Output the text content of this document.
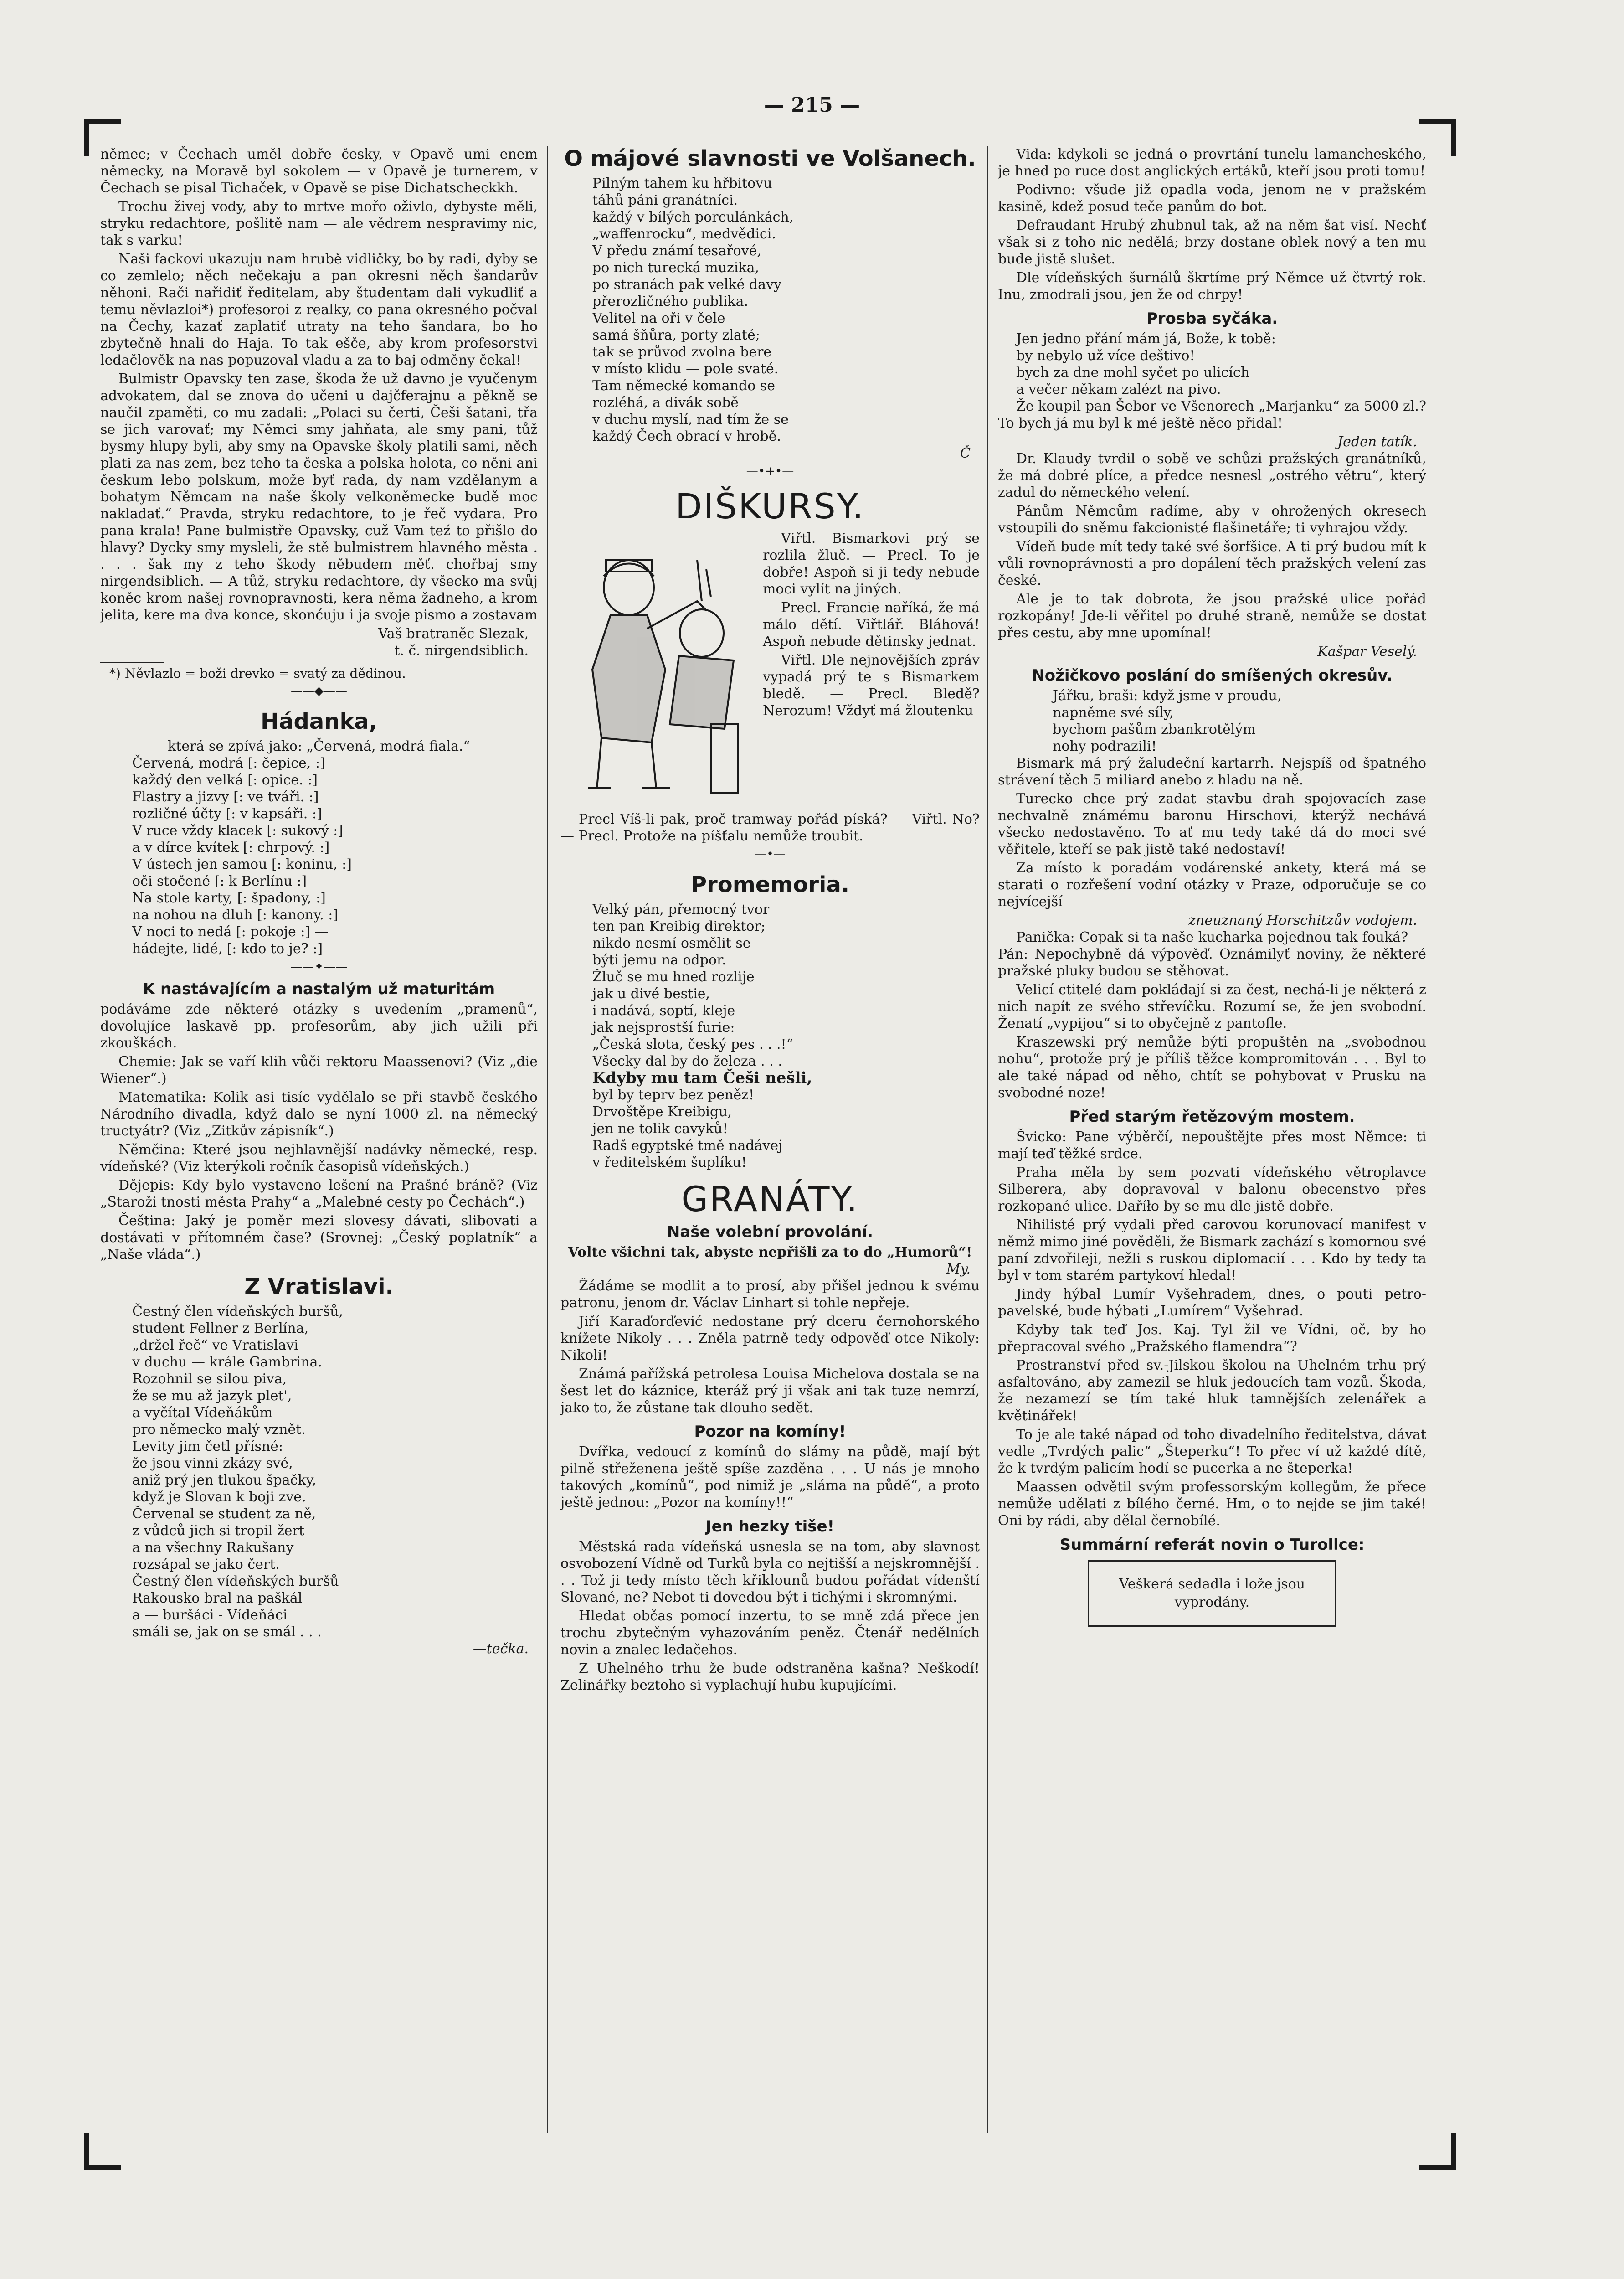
— 215 —

němec; v Čechach uměl dobře česky, v Opavě umi enem německy, na Moravě byl sokolem — v Opavě je turnerem, v Čechach se pisal Tichaček, v Opavě se pise Dichatscheckkh.

Trochu živej vody, aby to mrtve mořo oživlo, dybyste měli, stryku redachtore, pošlitě nam — ale vědrem nespravimy nic, tak s varku!

Naši fackovi ukazuju nam hrubě vidličky, bo by radi, dyby se co zemlelo; něch nečekaju a pan okresni něch šandarův něhoni. Rači nařidiť ředitelam, aby študentam dali vykudliť a temu něvlazloi*) profesoroi z realky, co pana okresného počval na Čechy, kazať zaplatiť utraty na teho šandara, bo ho zbytečně hnali do Haja. To tak ešče, aby krom profesorstvi ledačlověk na nas popuzoval vladu a za to baj odměny čekal!

Bulmistr Opavsky ten zase, škoda že už davno je vyučenym advokatem, dal se znova do učeni u dajčferajnu a pěkně se naučil zpaměti, co mu zadali: „Polaci su čerti, Češi šatani, třa se jich varovať; my Němci smy jahňata, ale smy pani, tůž bysmy hlupy byli, aby smy na Opavske školy platili sami, něch plati za nas zem, bez teho ta česka a polska holota, co něni ani českum lebo polskum, može byť rada, dy nam vzdělanym a bohatym Němcam na naše školy velkoněmecke budě moc nakladať.“ Pravda, stryku redachtore, to je řeč vydara. Pro pana krala! Pane bulmistře Opavsky, cuž Vam teź to přišlo do hlavy? Dycky smy mysleli, že stě bulmistrem hlavného města . . . . šak my z teho škody něbudem měť. chořbaj smy nirgendsiblich. — A tůž, stryku redachtore, dy všecko ma svůj koněc krom našej rovnopravnosti, kera něma žadneho, a krom jelita, kere ma dva konce, skonćuju i ja svoje pismo a zostavam

Vaš bratraněc Slezak,
t. č. nirgendsiblich.
*) Něvlazlo = boži drevko = svatý za dědinou.
——◆——
Hádanka,
která se zpívá jako: „Červená, modrá fiala.“
Červená, modrá [: čepice, :]
každý den velká [: opice. :]
Flastry a jizvy [: ve tváři. :]
rozličné účty [: v kapsáři. :]
V ruce vždy klacek [: sukový :]
a v dírce kvítek [: chrpový. :]
V ústech jen samou [: koninu, :]
oči stočené [: k Berlínu :]
Na stole karty, [: špadony, :]
na nohou na dluh [: kanony. :]
V noci to nedá [: pokoje :] —
hádejte, lidé, [: kdo to je? :]
——✦——
K nastávajícím a nastalým už maturitám

podáváme zde některé otázky s uvedením „pramenů“, dovolujíce laskavě pp. profesorům, aby jich užili při zkouškách.

Chemie: Jak se vaří klih vůči rektoru Maassenovi? (Viz „die Wiener“.)

Matematika: Kolik asi tisíc vydělalo se při stavbě českého Národního divadla, když dalo se nyní 1000 zl. na německý tructyátr? (Viz „Zitkův zápisník“.)

Němčina: Které jsou nejhlavnější nadávky německé, resp. vídeňské? (Viz kterýkoli ročník časopisů vídeňských.)

Dějepis: Kdy bylo vystaveno lešení na Prašné bráně? (Viz „Staroži tnosti města Prahy“ a „Malebné cesty po Čechách“.)

Čeština: Jaký je poměr mezi slovesy dávati, slibovati a dostávati v přítomném čase? (Srovnej: „Český poplatník“ a „Naše vláda“.)

Z Vratislavi.
Čestný člen vídeňských buršů,
student Fellner z Berlína,
„držel řeč“ ve Vratislavi
v duchu — krále Gambrina.
Rozohnil se silou piva,
že se mu až jazyk plet',
a vyčítal Vídeňákům
pro německo malý vznět.
Levity jim četl přísné:
že jsou vinni zkázy své,
aniž prý jen tlukou špačky,
když je Slovan k boji zve.
Červenal se student za ně,
z vůdců jich si tropil žert
a na všechny Rakušany
rozsápal se jako čert.
Čestný člen vídeňských buršů
Rakousko bral na paškál
a — buršáci - Vídeňáci
smáli se, jak on se smál . . .
—tečka.
O májové slavnosti ve Volšanech.
Pilným tahem ku hřbitovu
táhů páni granátníci.
každý v bílých porculánkách,
„waffenrocku“, medvědici.
V předu známí tesařové,
po nich turecká muzika,
po stranách pak velké davy
přerozličného publika.
Velitel na oři v čele
samá šňůra, porty zlaté;
tak se průvod zvolna bere
v místo klidu — pole svaté.
Tam německé komando se
rozléhá, a divák sobě
v duchu myslí, nad tím že se
každý Čech obrací v hrobě.
Č
—•+•—
DIŠKURSY.

Viřtl. Bismarkovi prý se rozlila žluč. — Precl. To je dobře! Aspoň si ji tedy nebude moci vylít na jiných.

Precl. Francie naříká, že má málo dětí. Viřtlář. Bláhová! Aspoň nebude dětinsky jednat.

Viřtl. Dle nejnovějších zpráv vypadá prý te s Bismarkem bledě. — Precl. Bledě? Nerozum! Vždyť má žloutenku

Precl Víš-li pak, proč tramway pořád píská? — Viřtl. No? — Precl. Protože na píšťalu nemůže troubit.

—•—
Promemoria.
Velký pán, přemocný tvor
ten pan Kreibig direktor;
nikdo nesmí osmělit se
býti jemu na odpor.
Žluč se mu hned rozlije
jak u divé bestie,
i nadává, soptí, kleje
jak nejsprostší furie:
„Česká slota, český pes . . .!“
Všecky dal by do železa . . .
Kdyby mu tam Češi nešli,
byl by teprv bez peněz!
Drvoštěpe Kreibigu,
jen ne tolik cavyků!
Radš egyptské tmě nadávej
v ředitelském šuplíku!
GRANÁTY.
Naše volební provolání.
Volte všichni tak, abyste nepřišli za to do „Humorů“!
My.

Žádáme se modlit a to prosí, aby přišel jednou k svému patronu, jenom dr. Václav Linhart si tohle nepřeje.

Jiří Karaďorďević nedostane prý dceru černohorského knížete Nikoly . . . Zněla patrně tedy odpověď otce Nikoly: Nikoli!

Známá pařížská petrolesa Louisa Michelova dostala se na šest let do káznice, kteráž prý ji však ani tak tuze nemrzí, jako to, že zůstane tak dlouho sedět.

Pozor na komíny!

Dvířka, vedoucí z komínů do slámy na půdě, mají být pilně střeženena ještě spíše zazděna . . . U nás je mnoho takových „komínů“, pod nimiž je „sláma na půdě“, a proto ještě jednou: „Pozor na komíny!!“

Jen hezky tiše!

Městská rada vídeňská usnesla se na tom, aby slavnost osvobození Vídně od Turků byla co nejtišší a nejskromnější . . . Tož ji tedy místo těch křiklounů budou pořádat vídenští Slované, ne? Nebot ti dovedou být i tichými i skromnými.

Hledat občas pomocí inzertu, to se mně zdá přece jen trochu zbytečným vyhazováním peněz. Čtenář nedělních novin a znalec ledačehos.

Z Uhelného trhu že bude odstraněna kašna? Neškodí! Zelinářky beztoho si vyplachují hubu kupujícími.

Vida: kdykoli se jedná o provrtání tunelu lamancheského, je hned po ruce dost anglických ertáků, kteří jsou proti tomu!

Podivno: všude již opadla voda, jenom ne v pražském kasině, kdež posud teče panům do bot.

Defraudant Hrubý zhubnul tak, až na něm šat visí. Nechť však si z toho nic nedělá; brzy dostane oblek nový a ten mu bude jistě slušet.

Dle vídeňských šurnálů škrtíme prý Němce už čtvrtý rok. Inu, zmodrali jsou, jen že od chrpy!

Prosba syčáka.
Jen jedno přání mám já, Bože, k tobě:
by nebylo už více deštivo!
bych za dne mohl syčet po ulicích
a večer někam zalézt na pivo.

Že koupil pan Šebor ve Všenorech „Marjanku“ za 5000 zl.? To bych já mu byl k mé ještě něco přidal!

Jeden tatík.

Dr. Klaudy tvrdil o sobě ve schůzi pražských granátníků, že má dobré plíce, a předce nesnesl „ostrého větru“, který zadul do německého velení.

Pánům Němcům radíme, aby v ohrožených okresech vstoupili do sněmu fakcionisté flašinetáře; ti vyhrajou vždy.

Vídeň bude mít tedy také své šorfšice. A ti prý budou mít k vůli rovnoprávnosti a pro dopálení těch pražských velení zas české.

Ale je to tak dobrota, že jsou pražské ulice pořád rozkopány! Jde-li věřitel po druhé straně, nemůže se dostat přes cestu, aby mne upomínal!

Kašpar Veselý.
Nožičkovo poslání do smíšených okresův.
Jářku, braši: když jsme v proudu,
napněme své síly,
bychom pašům zbankrotělým
nohy podrazili!

Bismark má prý žaludeční kartarrh. Nejspíš od špatného strávení těch 5 miliard anebo z hladu na ně.

Turecko chce prý zadat stavbu drah spojovacích zase nechvalně známému baronu Hirschovi, kterýž nechává všecko nedostavěno. To ať mu tedy také dá do moci své věřitele, kteří se pak jistě také nedostaví!

Za místo k poradám vodárenské ankety, která má se starati o rozřešení vodní otázky v Praze, odporučuje se co nejvícejší

zneuznaný Horschitzův vodojem.

Panička: Copak si ta naše kucharka pojednou tak fouká? — Pán: Nepochybně dá výpověď. Oznámilyť noviny, že některé pražské pluky budou se stěhovat.

Velicí ctitelé dam pokládají si za čest, nechá-li je některá z nich napít ze svého střevíčku. Rozumí se, že jen svobodní. Ženatí „vypijou“ si to obyčejně z pantofle.

Kraszewski prý nemůže býti propuštěn na „svobodnou nohu“, protože prý je příliš těžce kompromitován . . . Byl to ale také nápad od něho, chtít se pohybovat v Prusku na svobodné noze!

Před starým řetězovým mostem.

Švicko: Pane výběrčí, nepouštějte přes most Němce: ti mají teď těžké srdce.

Praha měla by sem pozvati vídeňského větroplavce Silberera, aby dopravoval v balonu obecenstvo přes rozkopané ulice. Daříło by se mu dle jistě dobře.

Nihilisté prý vydali před carovou korunovací manifest v němž mimo jiné pověděli, že Bismark zachází s komornou své paní zdvořileji, nežli s ruskou diplomacií . . . Kdo by tedy ta byl v tom starém partykoví hledal!

Jindy hýbal Lumír Vyšehradem, dnes, o pouti petro-pavelské, bude hýbati „Lumírem“ Vyšehrad.

Kdyby tak teď Jos. Kaj. Tyl žil ve Vídni, oč, by ho přepracoval svého „Pražského flamendra“?

Prostranství před sv.-Jilskou školou na Uhelném trhu prý asfaltováno, aby zamezil se hluk jedoucích tam vozů. Škoda, že nezamezí se tím také hluk tamnějších zelenářek a květinářek!

To je ale také nápad od toho divadelního ředitelstva, dávat vedle „Tvrdých palic“ „Šteperku“! To přec ví už každé dítě, že k tvrdým palicím hodí se pucerka a ne šteperka!

Maassen odvětil svým professorským kollegům, že přece nemůže udělati z bílého černé. Hm, o to nejde se jim také! Oni by rádi, aby dělal černobílé.

Summární referát novin o Turollce:
Veškerá sedadla i lože jsou
vyprodány.
